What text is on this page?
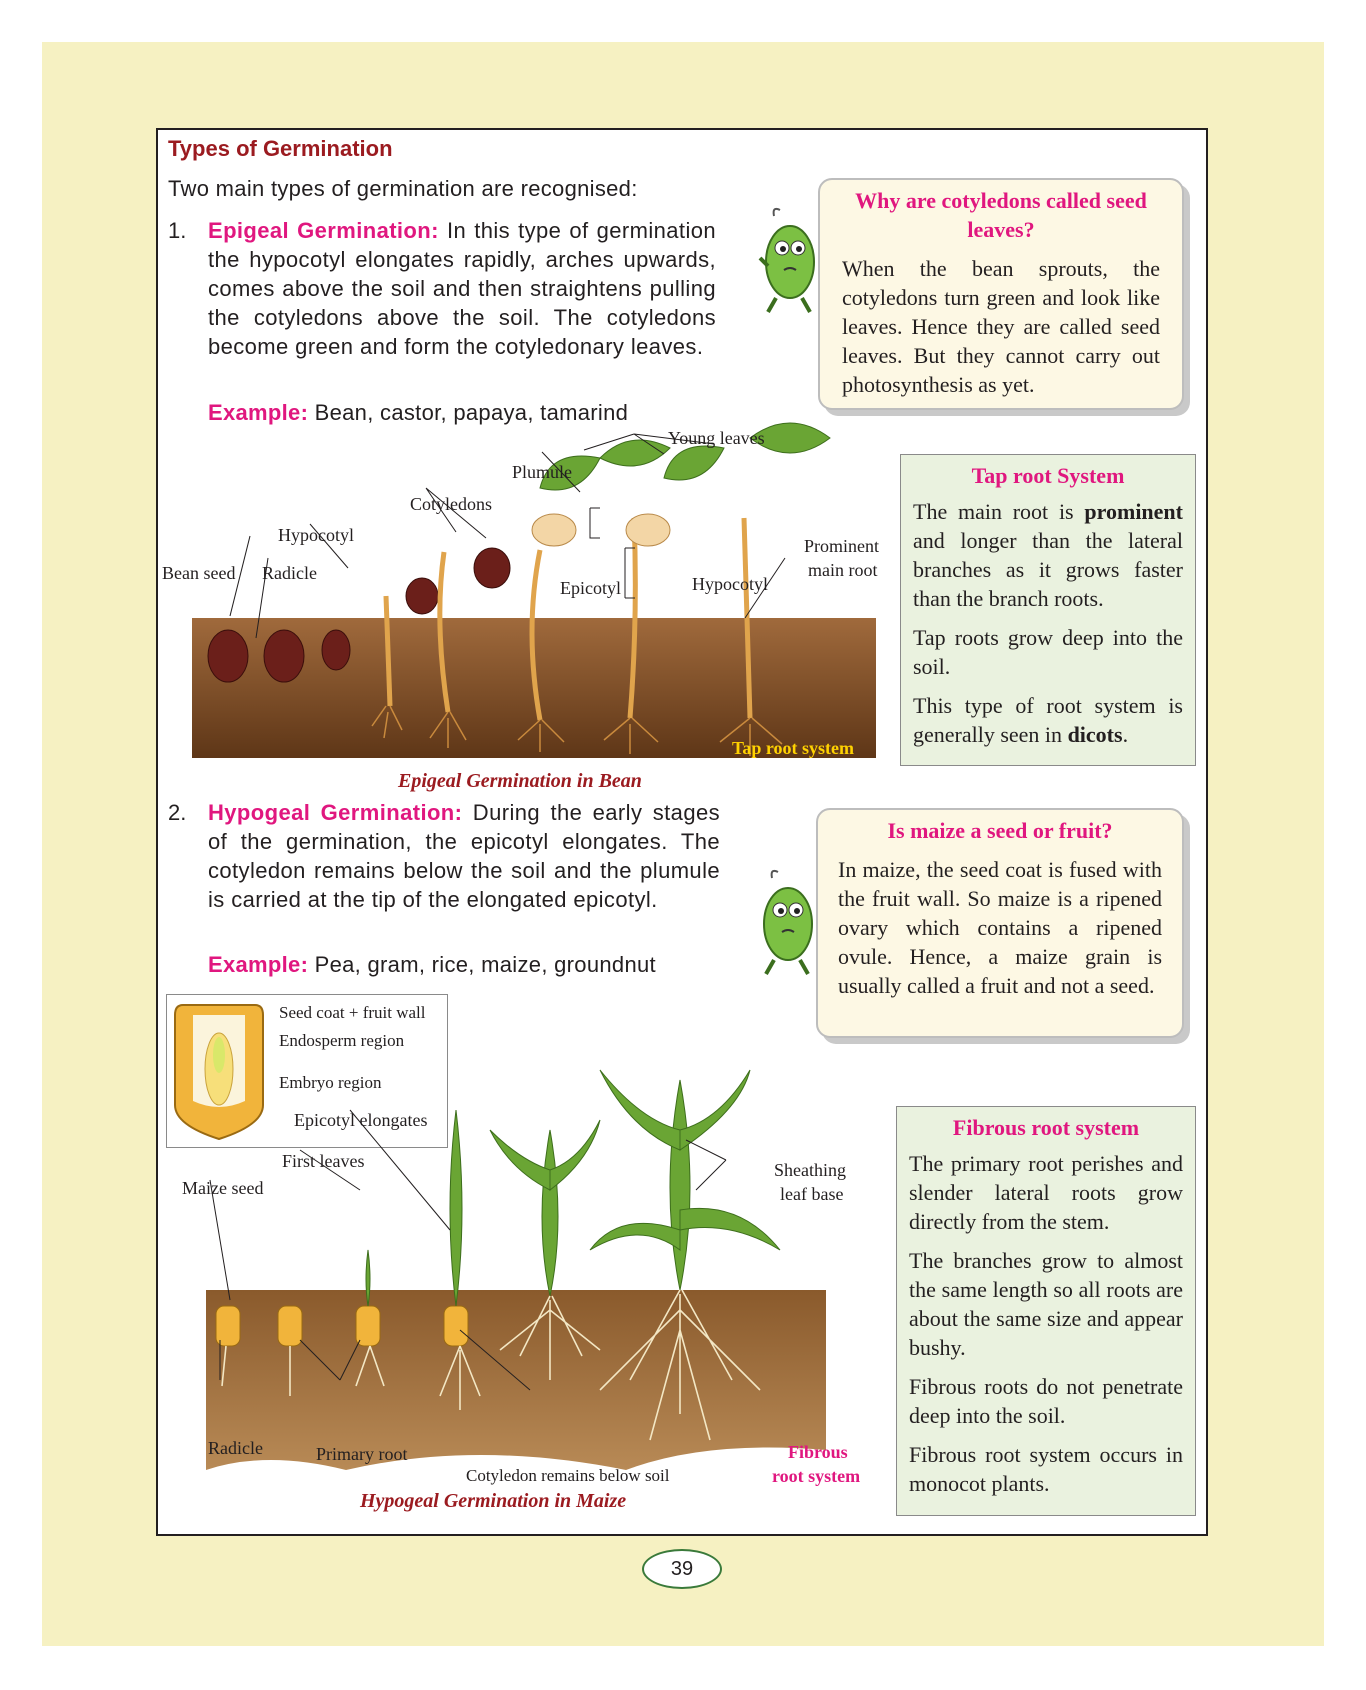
Types of Germination
Two main types of germination are recognised:
1. Epigeal Germination: In this type of germination the hypocotyl elongates rapidly, arches upwards, comes above the soil and then straightens pulling the cotyledons above the soil. The cotyledons become green and form the cotyledonary leaves.
Example: Bean, castor, papaya, tamarind
Why are cotyledons called seed leaves?
When the bean sprouts, the cotyledons turn green and look like leaves. Hence they are called seed leaves. But they cannot carry out photosynthesis as yet.
Bean seed Radicle
Hypocotyl
Cotyledons
Plumule
Young leaves
Epicotyl	Hypocotyl
Prominent
main root
Tap root system
Epigeal Germination in Bean
Tap root System

The main root is prominent and longer than the lateral branches as it grows faster than the branch roots.

Tap roots grow deep into the soil.

This type of root system is generally seen in dicots.

2. Hypogeal Germination: During the early stages of the germination, the epicotyl elongates. The cotyledon remains below the soil and the plumule is carried at the tip of the elongated epicotyl.
Example: Pea, gram, rice, maize, groundnut
Is maize a seed or fruit?
In maize, the seed coat is fused with the fruit wall. So maize is a ripened ovary which contains a ripened ovule. Hence, a maize grain is usually called a fruit and not a seed.
Seed coat + fruit wall
Endosperm region
Embryo region
Epicotyl elongates
First leaves
Maize seed
Sheathing
leaf base
Radicle	Primary root
Cotyledon remains below soil
Fibrous
root system
Hypogeal Germination in Maize
Fibrous root system

The primary root perishes and slender lateral roots grow directly from the stem.

The branches grow to almost the same length so all roots are about the same size and appear bushy.

Fibrous roots do not penetrate deep into the soil.

Fibrous root system occurs in monocot plants.

39
